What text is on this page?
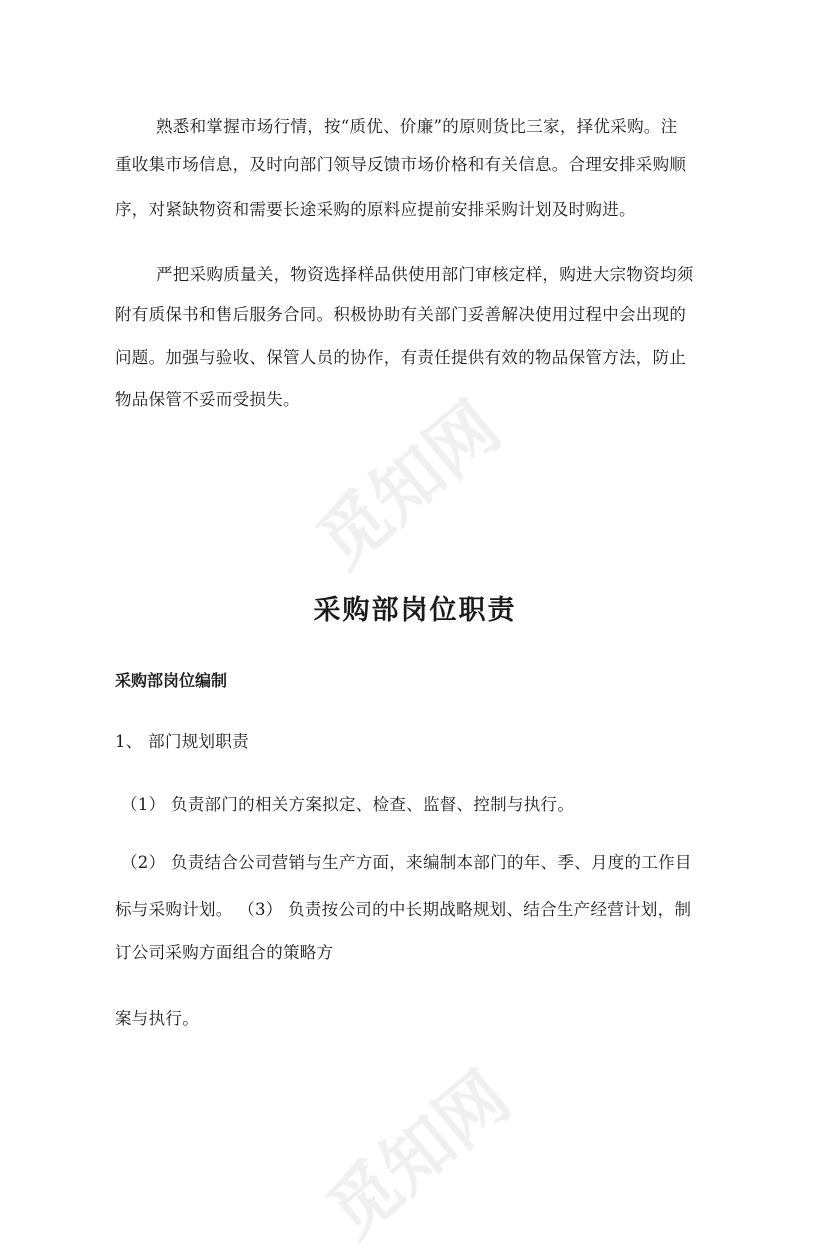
觅知网
觅知网
熟悉和掌握市场行情，按“质优、价廉”的原则货比三家，择优采购。注
重收集市场信息，及时向部门领导反馈市场价格和有关信息。合理安排采购顺
序，对紧缺物资和需要长途采购的原料应提前安排采购计划及时购进。
严把采购质量关，物资选择样品供使用部门审核定样，购进大宗物资均须
附有质保书和售后服务合同。积极协助有关部门妥善解决使用过程中会出现的
问题。加强与验收、保管人员的协作，有责任提供有效的物品保管方法，防止
物品保管不妥而受损失。
采购部岗位职责
采购部岗位编制
1、 部门规划职责
（1） 负责部门的相关方案拟定、检查、监督、控制与执行。
（2） 负责结合公司营销与生产方面，来编制本部门的年、季、月度的工作目
标与采购计划。 （3） 负责按公司的中长期战略规划、结合生产经营计划，制
订公司采购方面组合的策略方
案与执行。
